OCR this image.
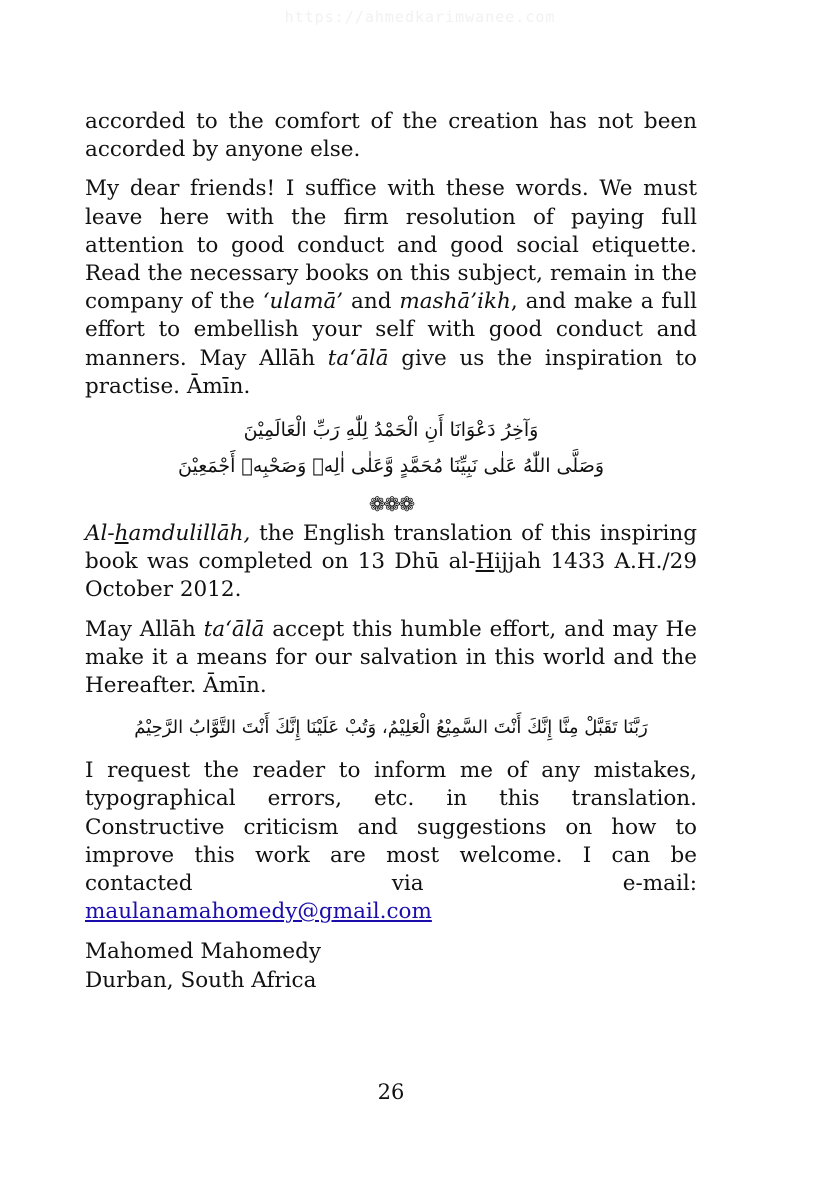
https://ahmedkarimwanee.com

accorded to the comfort of the creation has not been accorded by anyone else.

My dear friends! I suffice with these words. We must leave here with the firm resolution of paying full attention to good conduct and good social etiquette. Read the necessary books on this subject, remain in the company of the ‘ulamā’ and mashā’ikh, and make a full effort to embellish your self with good conduct and manners. May Allāh ta‘ālā give us the inspiration to practise. Āmīn.

وَآخِرُ دَعْوَانَا أَنِ الْحَمْدُ لِلّٰهِ رَبِّ الْعَالَمِيْنَ
وَصَلَّى اللّٰهُ عَلٰى نَبِيِّنَا مُحَمَّدٍ وَّعَلٰى اٰلِهٖ وَصَحْبِهٖ أَجْمَعِيْنَ
❁❁❁

Al-hamdulillāh, the English translation of this inspiring book was completed on 13 Dhū al-Hijjah 1433 A.H./29 October 2012.

May Allāh ta‘ālā accept this humble effort, and may He make it a means for our salvation in this world and the Hereafter. Āmīn.

رَبَّنَا تَقَبَّلْ مِنَّا إِنَّكَ أَنْتَ السَّمِيْعُ الْعَلِيْمُ، وَتُبْ عَلَيْنَا إِنَّكَ أَنْتَ التَّوَّابُ الرَّحِيْمُ

I request the reader to inform me of any mistakes, typographical errors, etc. in this translation. Constructive criticism and suggestions on how to improve this work are most welcome. I can be contacted via e-mail:

maulanamahomedy@gmail.com
Mahomed Mahomedy
Durban, South Africa
26
